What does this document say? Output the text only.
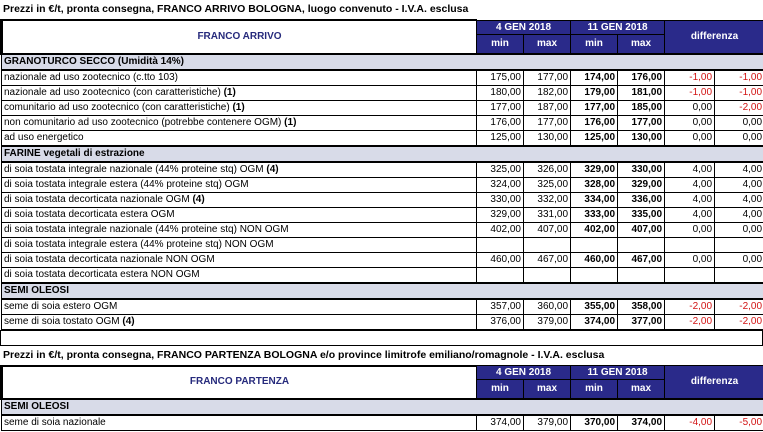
Prezzi in €/t, pronta consegna, FRANCO ARRIVO BOLOGNA, luogo convenuto - I.V.A. esclusa
FRANCO ARRIVO	4 GEN 2018		11 GEN 2018		differenza	
	min	max	min	max		
GRANOTURCO SECCO (Umidità 14%)						
nazionale ad uso zootecnico (c.tto 103)	175,00	177,00	174,00	176,00	-1,00	-1,00
nazionale ad uso zootecnico (con caratteristiche) (1)	180,00	182,00	179,00	181,00	-1,00	-1,00
comunitario ad uso zootecnico (con caratteristiche) (1)	177,00	187,00	177,00	185,00	0,00	-2,00
non comunitario ad uso zootecnico (potrebbe contenere OGM) (1)	176,00	177,00	176,00	177,00	0,00	0,00
ad uso energetico	125,00	130,00	125,00	130,00	0,00	0,00
FARINE vegetali di estrazione						
di soia tostata integrale nazionale (44% proteine stq) OGM (4)	325,00	326,00	329,00	330,00	4,00	4,00
di soia tostata integrale estera (44% proteine stq) OGM	324,00	325,00	328,00	329,00	4,00	4,00
di soia tostata decorticata nazionale OGM (4)	330,00	332,00	334,00	336,00	4,00	4,00
di soia tostata decorticata estera OGM	329,00	331,00	333,00	335,00	4,00	4,00
di soia tostata integrale nazionale (44% proteine stq) NON OGM	402,00	407,00	402,00	407,00	0,00	0,00
di soia tostata integrale estera (44% proteine stq) NON OGM						
di soia tostata decorticata nazionale NON OGM	460,00	467,00	460,00	467,00	0,00	0,00
di soia tostata decorticata estera NON OGM						
SEMI OLEOSI						
seme di soia estero OGM	357,00	360,00	355,00	358,00	-2,00	-2,00
seme di soia tostato OGM (4)	376,00	379,00	374,00	377,00	-2,00	-2,00
Prezzi in €/t, pronta consegna, FRANCO PARTENZA BOLOGNA e/o province limitrofe emiliano/romagnole - I.V.A. esclusa
FRANCO PARTENZA	4 GEN 2018		11 GEN 2018		differenza	
	min	max	min	max		
SEMI OLEOSI						
seme di soia nazionale	374,00	379,00	370,00	374,00	-4,00	-5,00
